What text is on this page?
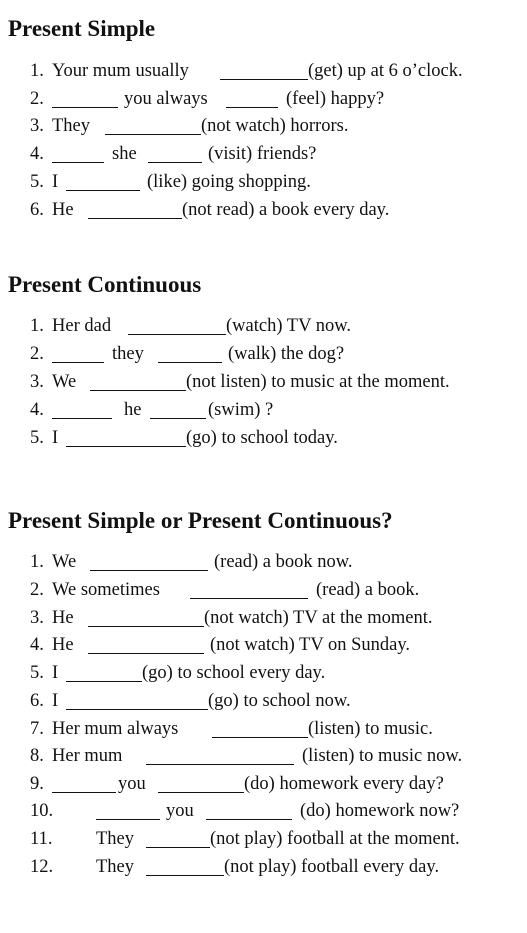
Present Simple
1. Your mum usually	(get) up at 6 o’clock.
2.	you always	(feel) happy?
3. They	(not watch) horrors.
4.	she	(visit) friends?
5. I	(like) going shopping.
6. He	(not read) a book every day.
Present Continuous
1. Her dad	(watch) TV now.
2.	they	(walk) the dog?
3. We	(not listen) to music at the moment.
4.	he	(swim) ?
5. I	(go) to school today.
Present Simple or Present Continuous?
1. We	(read) a book now.
2. We sometimes	(read) a book.
3. He	(not watch) TV at the moment.
4. He	(not watch) TV on Sunday.
5. I	(go) to school every day.
6. I	(go) to school now.
7. Her mum always	(listen) to music.
8. Her mum	(listen) to music now.
9.	you	(do) homework every day?
10.	you	(do) homework now?
11. They	(not play) football at the moment.
12. They	(not play) football every day.
